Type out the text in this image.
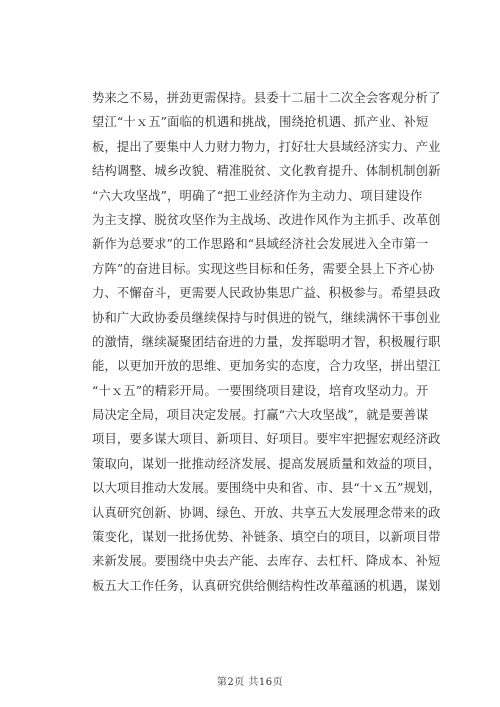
势来之不易，拼劲更需保持。县委十二届十二次全会客观分析了
望江“十ｘ五”面临的机遇和挑战，围绕抢机遇、抓产业、补短
板，提出了要集中人力财力物力，打好壮大县域经济实力、产业
结构调整、城乡改貌、精准脱贫、文化教育提升、体制机制创新
“六大攻坚战”，明确了“把工业经济作为主动力、项目建设作
为主支撑、脱贫攻坚作为主战场、改进作风作为主抓手、改革创
新作为总要求”的工作思路和“县域经济社会发展进入全市第一
方阵”的奋进目标。实现这些目标和任务，需要全县上下齐心协
力、不懈奋斗，更需要人民政协集思广益、积极参与。希望县政
协和广大政协委员继续保持与时俱进的锐气，继续满怀干事创业
的激情，继续凝聚团结奋进的力量，发挥聪明才智，积极履行职
能，以更加开放的思维、更加务实的态度，合力攻坚，拼出望江
“十ｘ五”的精彩开局。一要围绕项目建设，培育攻坚动力。开
局决定全局，项目决定发展。打赢“六大攻坚战”，就是要善谋
项目，要多谋大项目、新项目、好项目。要牢牢把握宏观经济政
策取向，谋划一批推动经济发展、提高发展质量和效益的项目，
以大项目推动大发展。要围绕中央和省、市、县“十ｘ五”规划，
认真研究创新、协调、绿色、开放、共享五大发展理念带来的政
策变化，谋划一批扬优势、补链条、填空白的项目，以新项目带
来新发展。要围绕中央去产能、去库存、去杠杆、降成本、补短
板五大工作任务，认真研究供给侧结构性改革蕴涵的机遇，谋划
第2页 共16页
